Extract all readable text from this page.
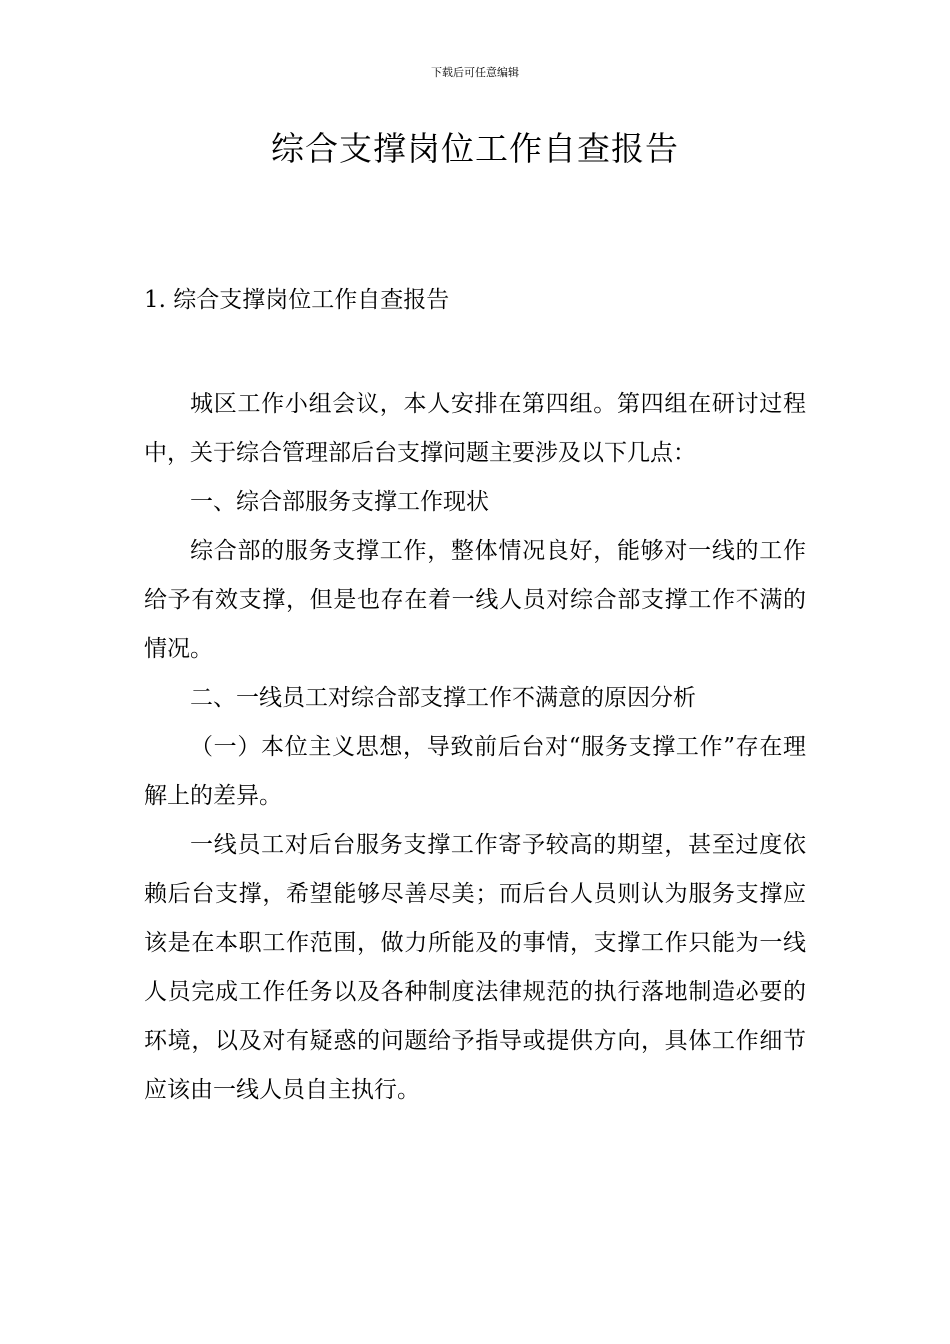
下载后可任意编辑
综合支撑岗位工作自查报告
1. 综合支撑岗位工作自查报告

城区工作小组会议，本人安排在第四组。第四组在研讨过程中，关于综合管理部后台支撑问题主要涉及以下几点：

一、综合部服务支撑工作现状

综合部的服务支撑工作，整体情况良好，能够对一线的工作给予有效支撑，但是也存在着一线人员对综合部支撑工作不满的情况。

二、一线员工对综合部支撑工作不满意的原因分析

（一）本位主义思想，导致前后台对“服务支撑工作”存在理解上的差异。

一线员工对后台服务支撑工作寄予较高的期望，甚至过度依赖后台支撑，希望能够尽善尽美；而后台人员则认为服务支撑应该是在本职工作范围，做力所能及的事情，支撑工作只能为一线人员完成工作任务以及各种制度法律规范的执行落地制造必要的环境，以及对有疑惑的问题给予指导或提供方向，具体工作细节应该由一线人员自主执行。
